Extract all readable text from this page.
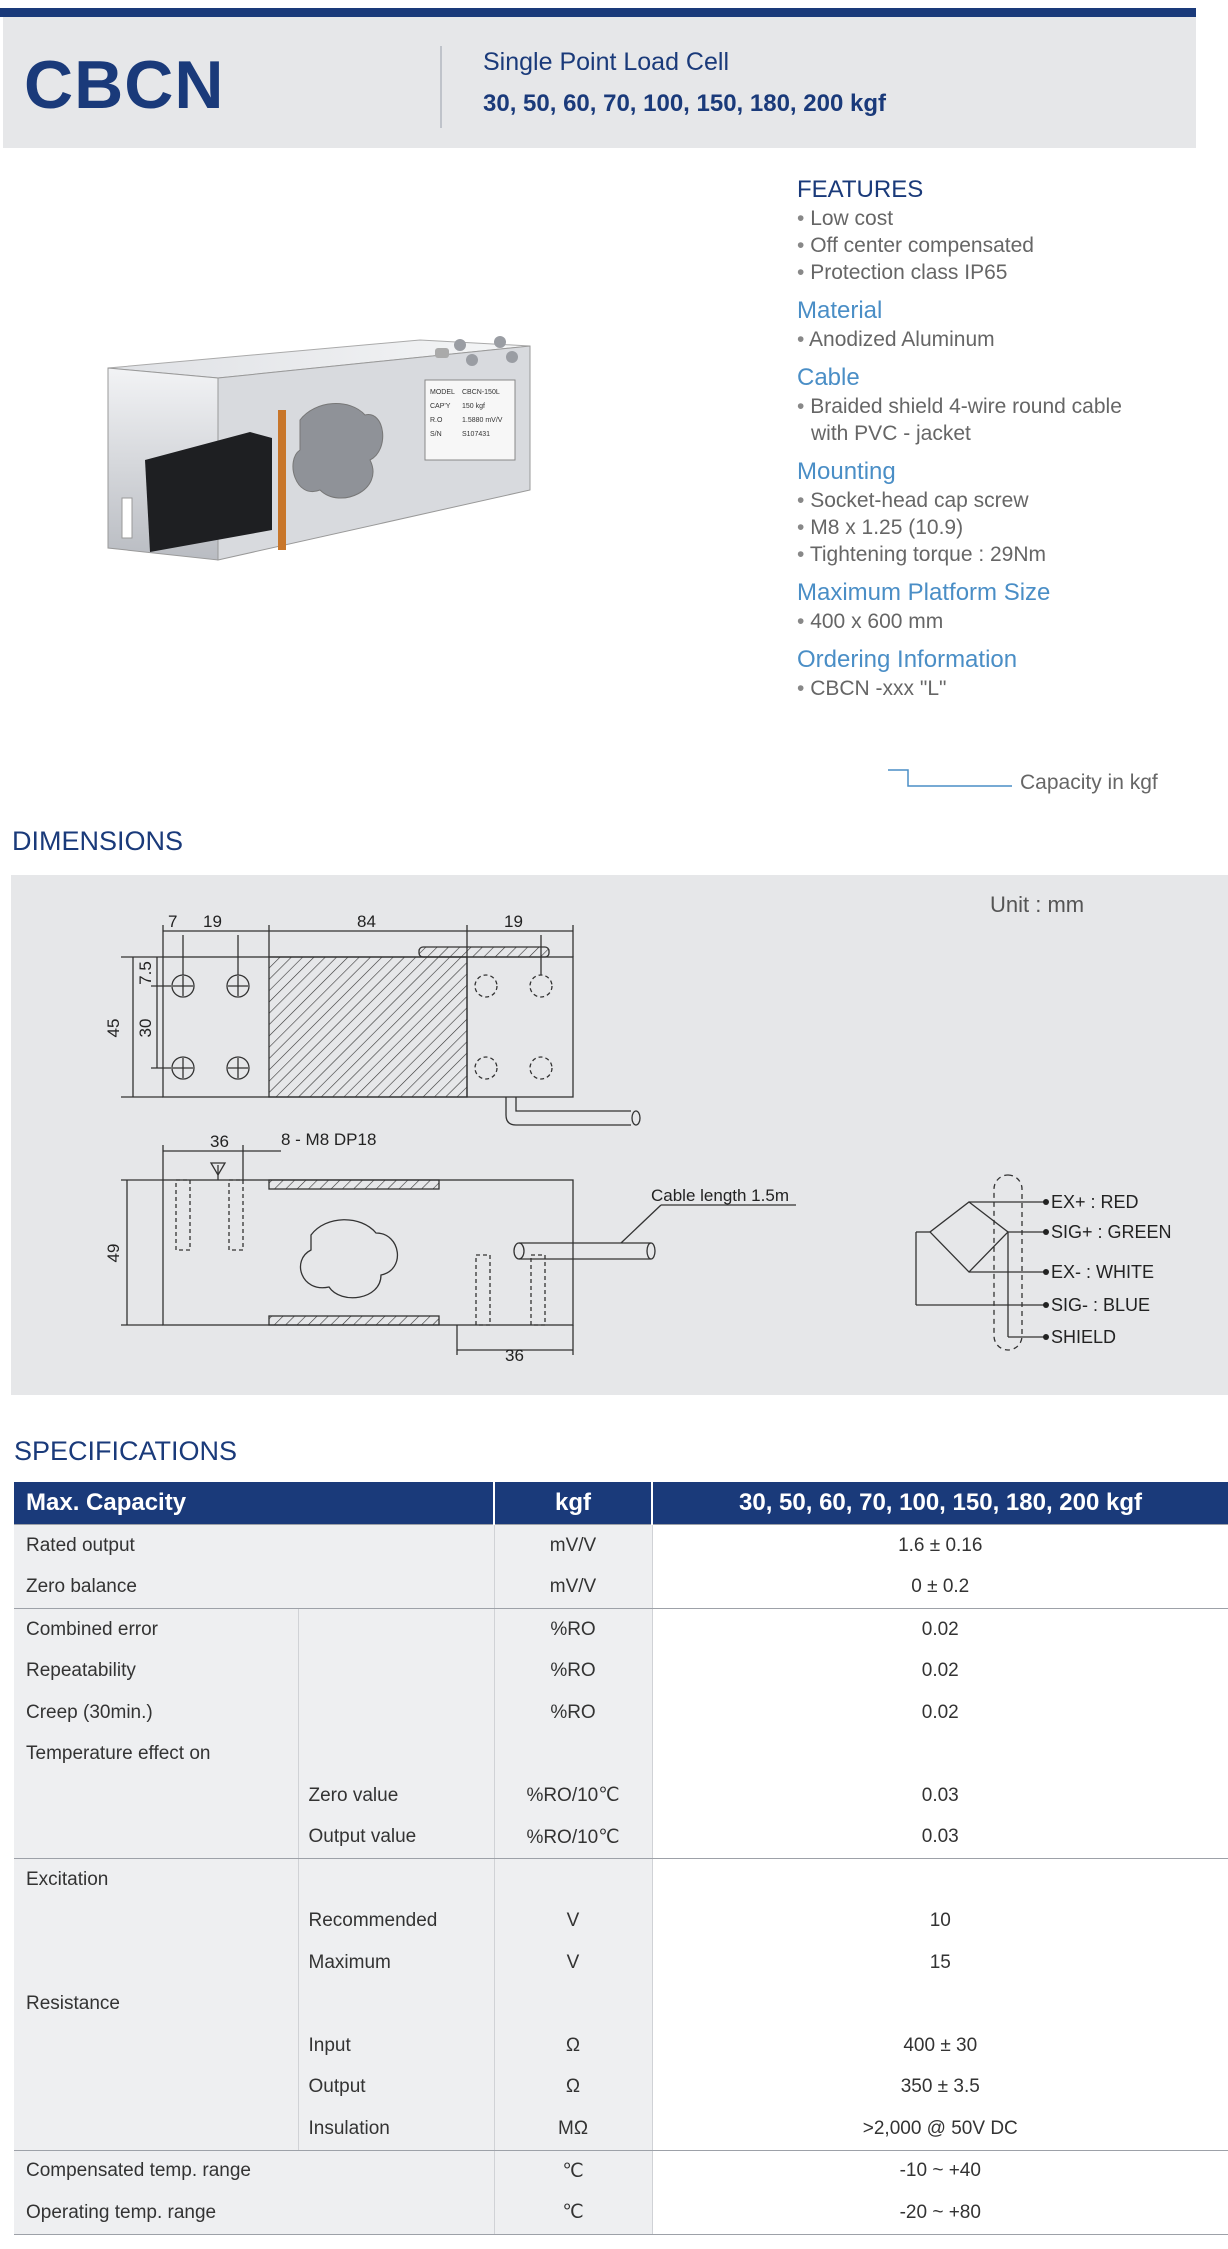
CBCN	Single Point Load Cell
30, 50, 60, 70, 100, 150, 180, 200 kgf
MODEL CBCN-150L
CAP'Y 150 kgf
R.O	1.5880 mV/V
S/N	S107431
FEATURES
• Low cost
• Off center compensated
• Protection class IP65
Material
• Anodized Aluminum
Cable
• Braided shield 4-wire round cable
with PVC - jacket
Mounting
• Socket-head cap screw
• M8 x 1.25 (10.9)
• Tightening torque : 29Nm
Maximum Platform Size
• 400 x 600 mm
Ordering Information
• CBCN -xxx "L"
Capacity in kgf
DIMENSIONS
Unit : mm
7 19	84	19
7.5
45 30
36	8 - M8 DP18
49
36
Cable length 1.5m	EX+ : RED
SIG+ : GREEN
EX- : WHITE
SIG- : BLUE
SHIELD
SPECIFICATIONS
Max. Capacity		kgf	30, 50, 60, 70, 100, 150, 180, 200 kgf
Rated output		mV/V	1.6 ± 0.16
Zero balance		mV/V	0 ± 0.2
Combined error		%RO	0.02
Repeatability		%RO	0.02
Creep (30min.)		%RO	0.02
Temperature effect on			
	Zero value	%RO/10℃	0.03
	Output value	%RO/10℃	0.03
Excitation			
	Recommended	V	10
	Maximum	V	15
Resistance			
	Input	Ω	400 ± 30
	Output	Ω	350 ± 3.5
	Insulation	MΩ	>2,000 @ 50V DC
Compensated temp. range		℃	-10 ~ +40
Operating temp. range		℃	-20 ~ +80
